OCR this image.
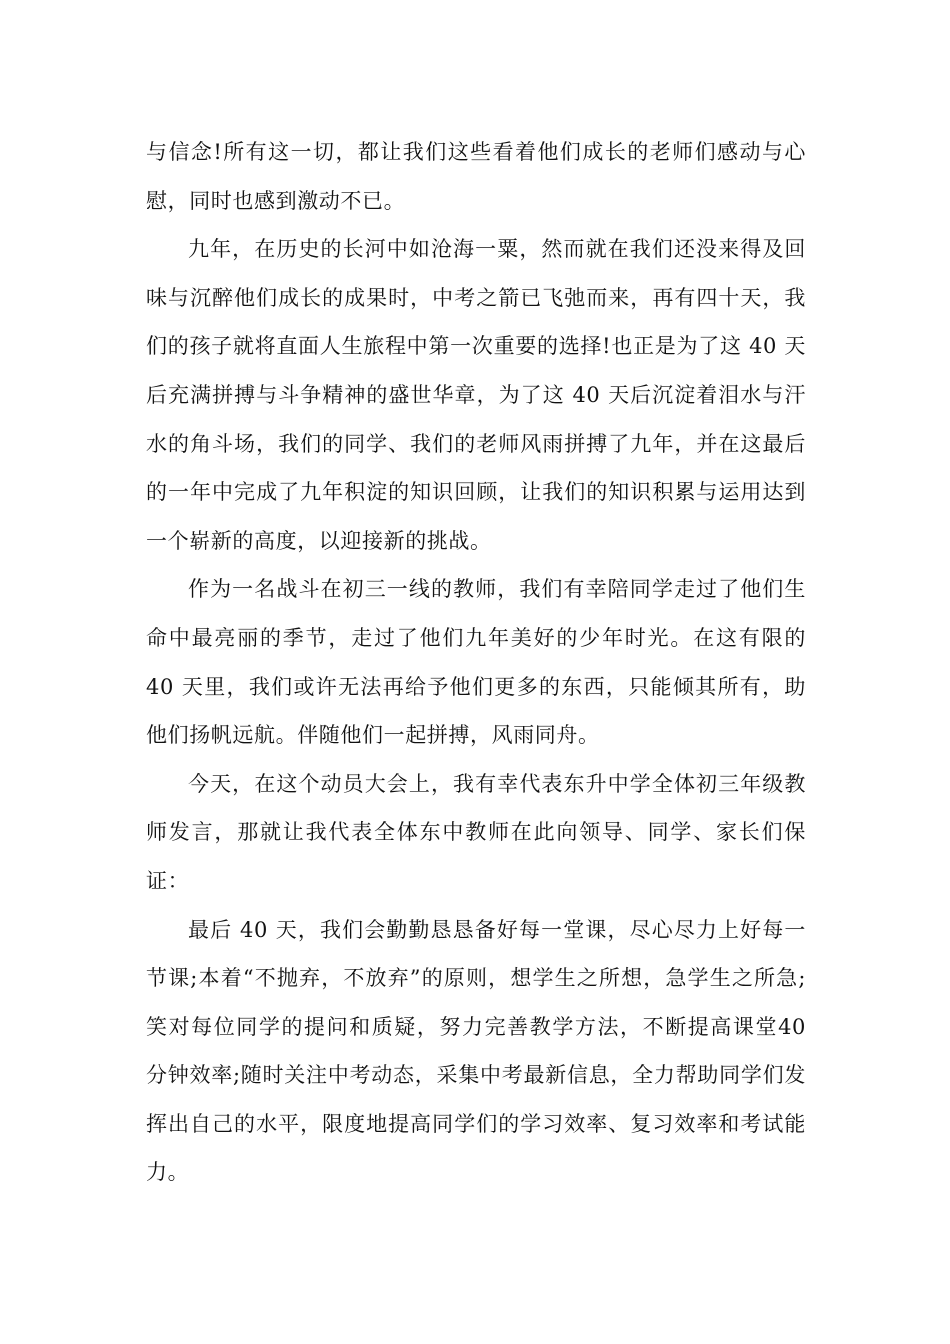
与信念!所有这一切，都让我们这些看着他们成长的老师们感动与心慰，同时也感到激动不已。

九年，在历史的长河中如沧海一粟，然而就在我们还没来得及回味与沉醉他们成长的成果时，中考之箭已飞弛而来，再有四十天，我们的孩子就将直面人生旅程中第一次重要的选择!也正是为了这 40 天后充满拼搏与斗争精神的盛世华章，为了这 40 天后沉淀着泪水与汗水的角斗场，我们的同学、我们的老师风雨拼搏了九年，并在这最后的一年中完成了九年积淀的知识回顾，让我们的知识积累与运用达到一个崭新的高度，以迎接新的挑战。

作为一名战斗在初三一线的教师，我们有幸陪同学走过了他们生命中最亮丽的季节，走过了他们九年美好的少年时光。在这有限的 40 天里，我们或许无法再给予他们更多的东西，只能倾其所有，助他们扬帆远航。伴随他们一起拼搏，风雨同舟。

今天，在这个动员大会上，我有幸代表东升中学全体初三年级教师发言，那就让我代表全体东中教师在此向领导、同学、家长们保证：

最后 40 天，我们会勤勤恳恳备好每一堂课，尽心尽力上好每一节课;本着“不抛弃，不放弃”的原则，想学生之所想，急学生之所急;笑对每位同学的提问和质疑，努力完善教学方法，不断提高课堂40 分钟效率;随时关注中考动态，采集中考最新信息，全力帮助同学们发挥出自己的水平，限度地提高同学们的学习效率、复习效率和考试能力。
